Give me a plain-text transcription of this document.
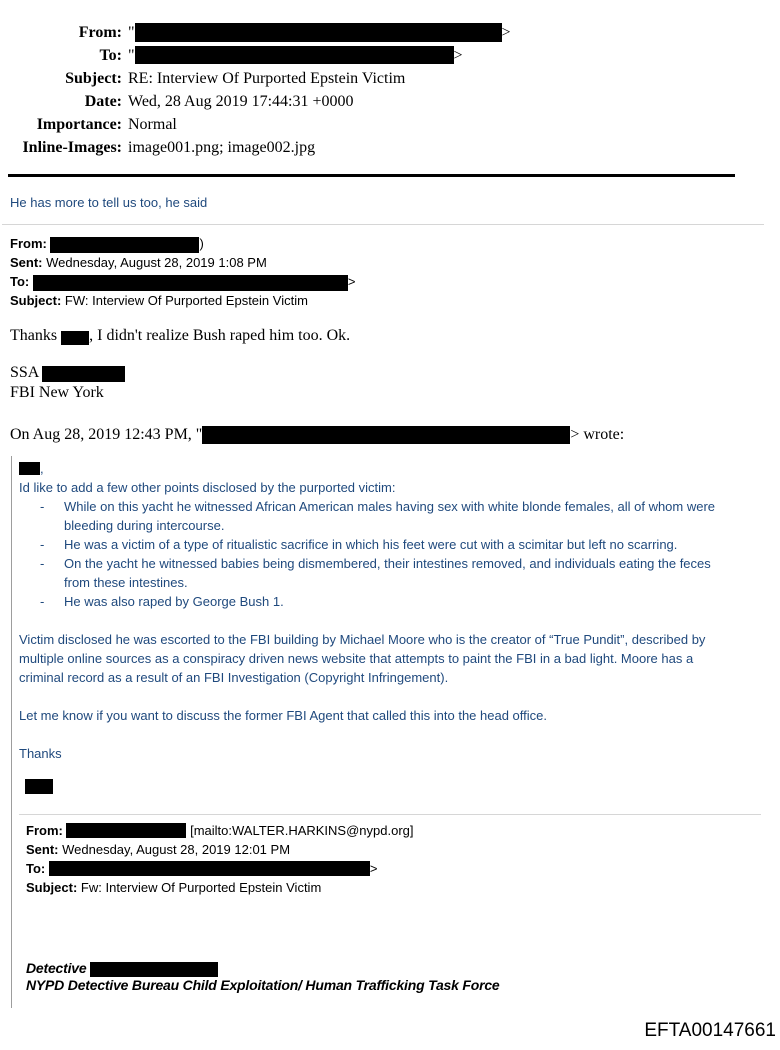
From:	" >
To:	" >
Subject:	RE: Interview Of Purported Epstein Victim
Date:	Wed, 28 Aug 2019 17:44:31 +0000
Importance:	Normal
Inline-Images:	image001.png; image002.jpg

He has more to tell us too, he said

From:	)
Sent: Wednesday, August 28, 2019 1:08 PM
To:	>
Subject: FW: Interview Of Purported Epstein Victim

Thanks , I didn't realize Bush raped him too. Ok.

SSA

FBI New York

On Aug 28, 2019 12:43 PM, "	> wrote:

,
Id like to add a few other points disclosed by the purported victim:
-	While on this yacht he witnessed African American males having sex with white blonde females, all of whom were bleeding during intercourse.
-	He was a victim of a type of ritualistic sacrifice in which his feet were cut with a scimitar but left no scarring.
-	On the yacht he witnessed babies being dismembered, their intestines removed, and individuals eating the feces from these intestines.
-	He was also raped by George Bush 1.
Victim disclosed he was escorted to the FBI building by Michael Moore who is the creator of “True Pundit”, described by multiple online sources as a conspiracy driven news website that attempts to paint the FBI in a bad light. Moore has a criminal record as a result of an FBI Investigation (Copyright Infringement).
Let me know if you want to discuss the former FBI Agent that called this into the head office.
Thanks
From:	[mailto:WALTER.HARKINS@nypd.org]
Sent: Wednesday, August 28, 2019 12:01 PM
To:	>
Subject: Fw: Interview Of Purported Epstein Victim
Detective
NYPD Detective Bureau Child Exploitation/ Human Trafficking Task Force
EFTA00147661
